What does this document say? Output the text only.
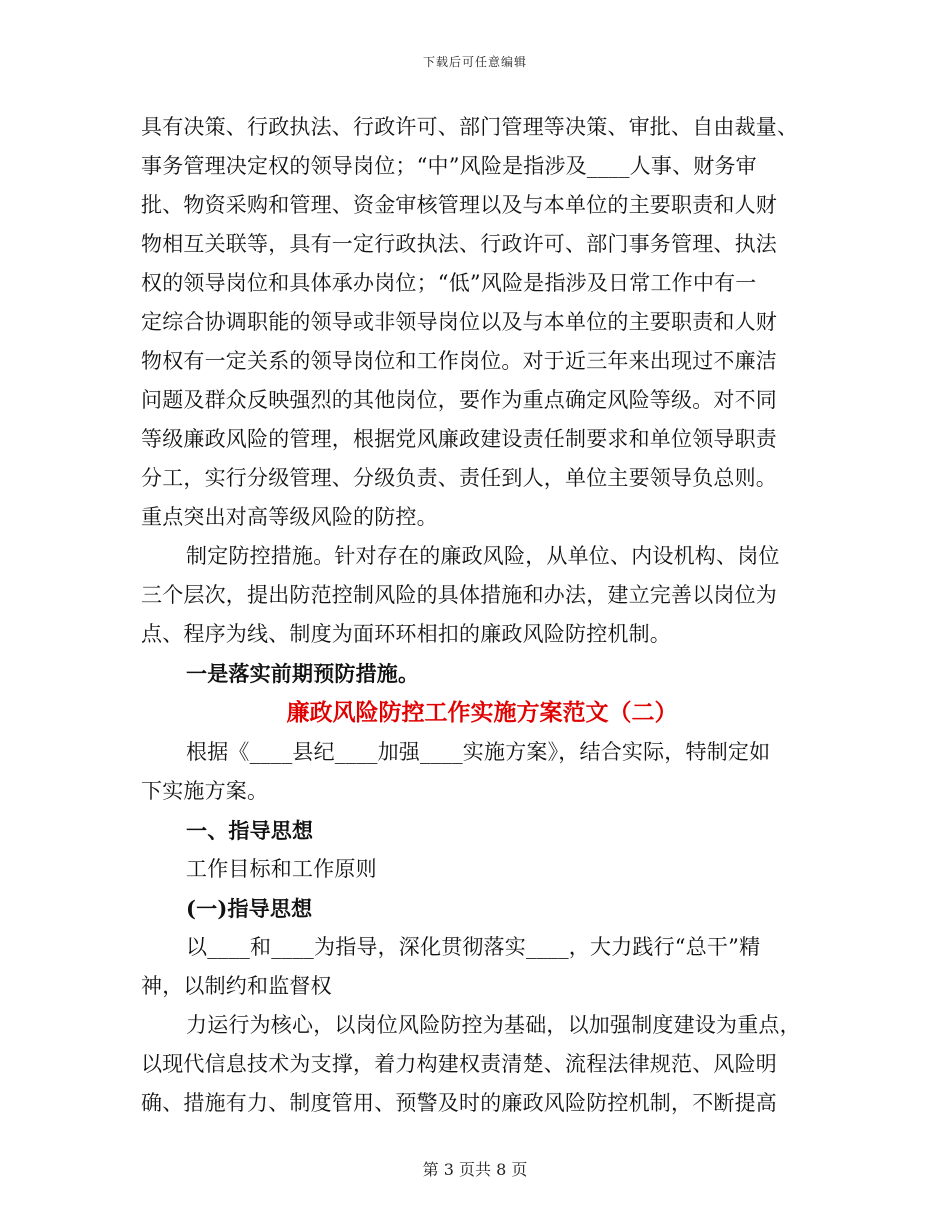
下载后可任意编辑
具有决策、行政执法、行政许可、部门管理等决策、审批、自由裁量、
事务管理决定权的领导岗位；“中”风险是指涉及____人事、财务审
批、物资采购和管理、资金审核管理以及与本单位的主要职责和人财
物相互关联等，具有一定行政执法、行政许可、部门事务管理、执法
权的领导岗位和具体承办岗位；“低”风险是指涉及日常工作中有一
定综合协调职能的领导或非领导岗位以及与本单位的主要职责和人财
物权有一定关系的领导岗位和工作岗位。对于近三年来出现过不廉洁
问题及群众反映强烈的其他岗位，要作为重点确定风险等级。对不同
等级廉政风险的管理，根据党风廉政建设责任制要求和单位领导职责
分工，实行分级管理、分级负责、责任到人，单位主要领导负总则。
重点突出对高等级风险的防控。
制定防控措施。针对存在的廉政风险，从单位、内设机构、岗位
三个层次，提出防范控制风险的具体措施和办法，建立完善以岗位为
点、程序为线、制度为面环环相扣的廉政风险防控机制。
一是落实前期预防措施。
廉政风险防控工作实施方案范文（二）
根据《____县纪____加强____实施方案》，结合实际，特制定如
下实施方案。
一、指导思想
工作目标和工作原则
(一)指导思想
以____和____为指导，深化贯彻落实____，大力践行“总干”精
神，以制约和监督权
力运行为核心，以岗位风险防控为基础，以加强制度建设为重点，
以现代信息技术为支撑，着力构建权责清楚、流程法律规范、风险明
确、措施有力、制度管用、预警及时的廉政风险防控机制，不断提高
第 3 页共 8 页
